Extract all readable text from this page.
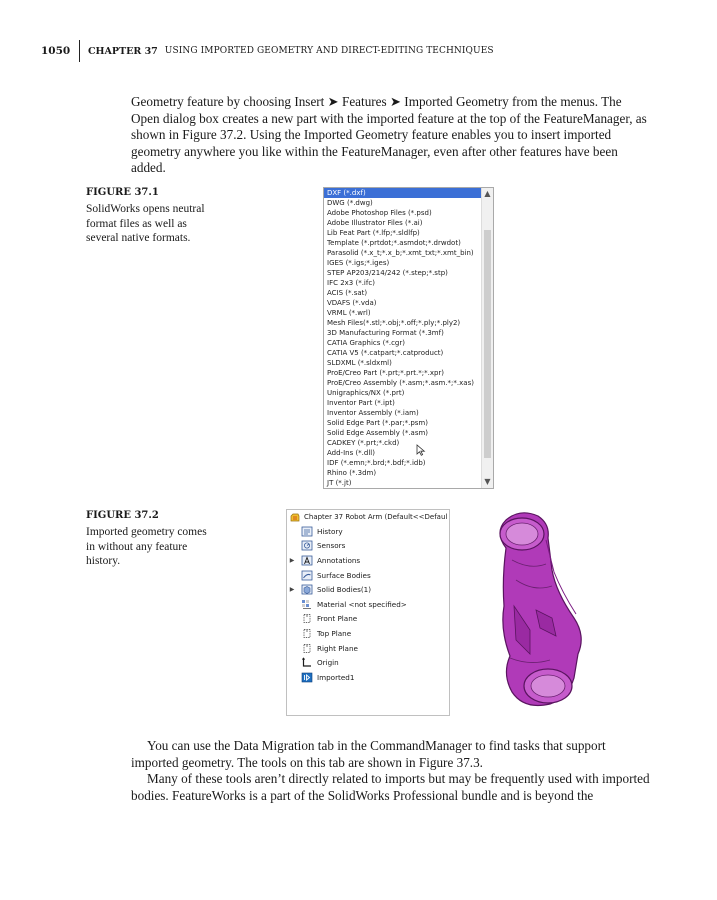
1050	CHAPTER 37 USING IMPORTED GEOMETRY AND DIRECT-EDITING TECHNIQUES

Geometry feature by choosing Insert ➤ Features ➤ Imported Geometry from the menus. The Open dialog box creates a new part with the imported feature at the top of the FeatureManager, as shown in Figure 37.2. Using the Imported Geometry feature enables you to insert imported geometry anywhere you like within the FeatureManager, even after other features have been added.

FIGURE 37.1
SolidWorks opens neutral format files as well as several native formats.
DXF (*.dxf)
DWG (*.dwg)
Adobe Photoshop Files (*.psd)
Adobe Illustrator Files (*.ai)
Lib Feat Part (*.lfp;*.sldlfp)
Template (*.prtdot;*.asmdot;*.drwdot)
Parasolid (*.x_t;*.x_b;*.xmt_txt;*.xmt_bin)
IGES (*.igs;*.iges)
STEP AP203/214/242 (*.step;*.stp)
IFC 2x3 (*.ifc)
ACIS (*.sat)
VDAFS (*.vda)
VRML (*.wrl)
Mesh Files(*.stl;*.obj;*.off;*.ply;*.ply2)
3D Manufacturing Format (*.3mf)
CATIA Graphics (*.cgr)
CATIA V5 (*.catpart;*.catproduct)
SLDXML (*.sldxml)
ProE/Creo Part (*.prt;*.prt.*;*.xpr)
ProE/Creo Assembly (*.asm;*.asm.*;*.xas)
Unigraphics/NX (*.prt)
Inventor Part (*.ipt)
Inventor Assembly (*.iam)
Solid Edge Part (*.par;*.psm)
Solid Edge Assembly (*.asm)
CADKEY (*.prt;*.ckd)
Add-Ins (*.dll)
IDF (*.emn;*.brd;*.bdf;*.idb)
Rhino (*.3dm)
JT (*.jt)
▲
▼
FIGURE 37.2
Imported geometry comes in without any feature history.
Chapter 37 Robot Arm (Default<<Defaul
History
Sensors
▶	Annotations
Surface Bodies
▶	Solid Bodies(1)
Material <not specified>
Front Plane
Top Plane
Right Plane
Origin
Imported1

You can use the Data Migration tab in the CommandManager to find tasks that support imported geometry. The tools on this tab are shown in Figure 37.3.

Many of these tools aren’t directly related to imports but may be frequently used with imported bodies. FeatureWorks is a part of the SolidWorks Professional bundle and is beyond the
